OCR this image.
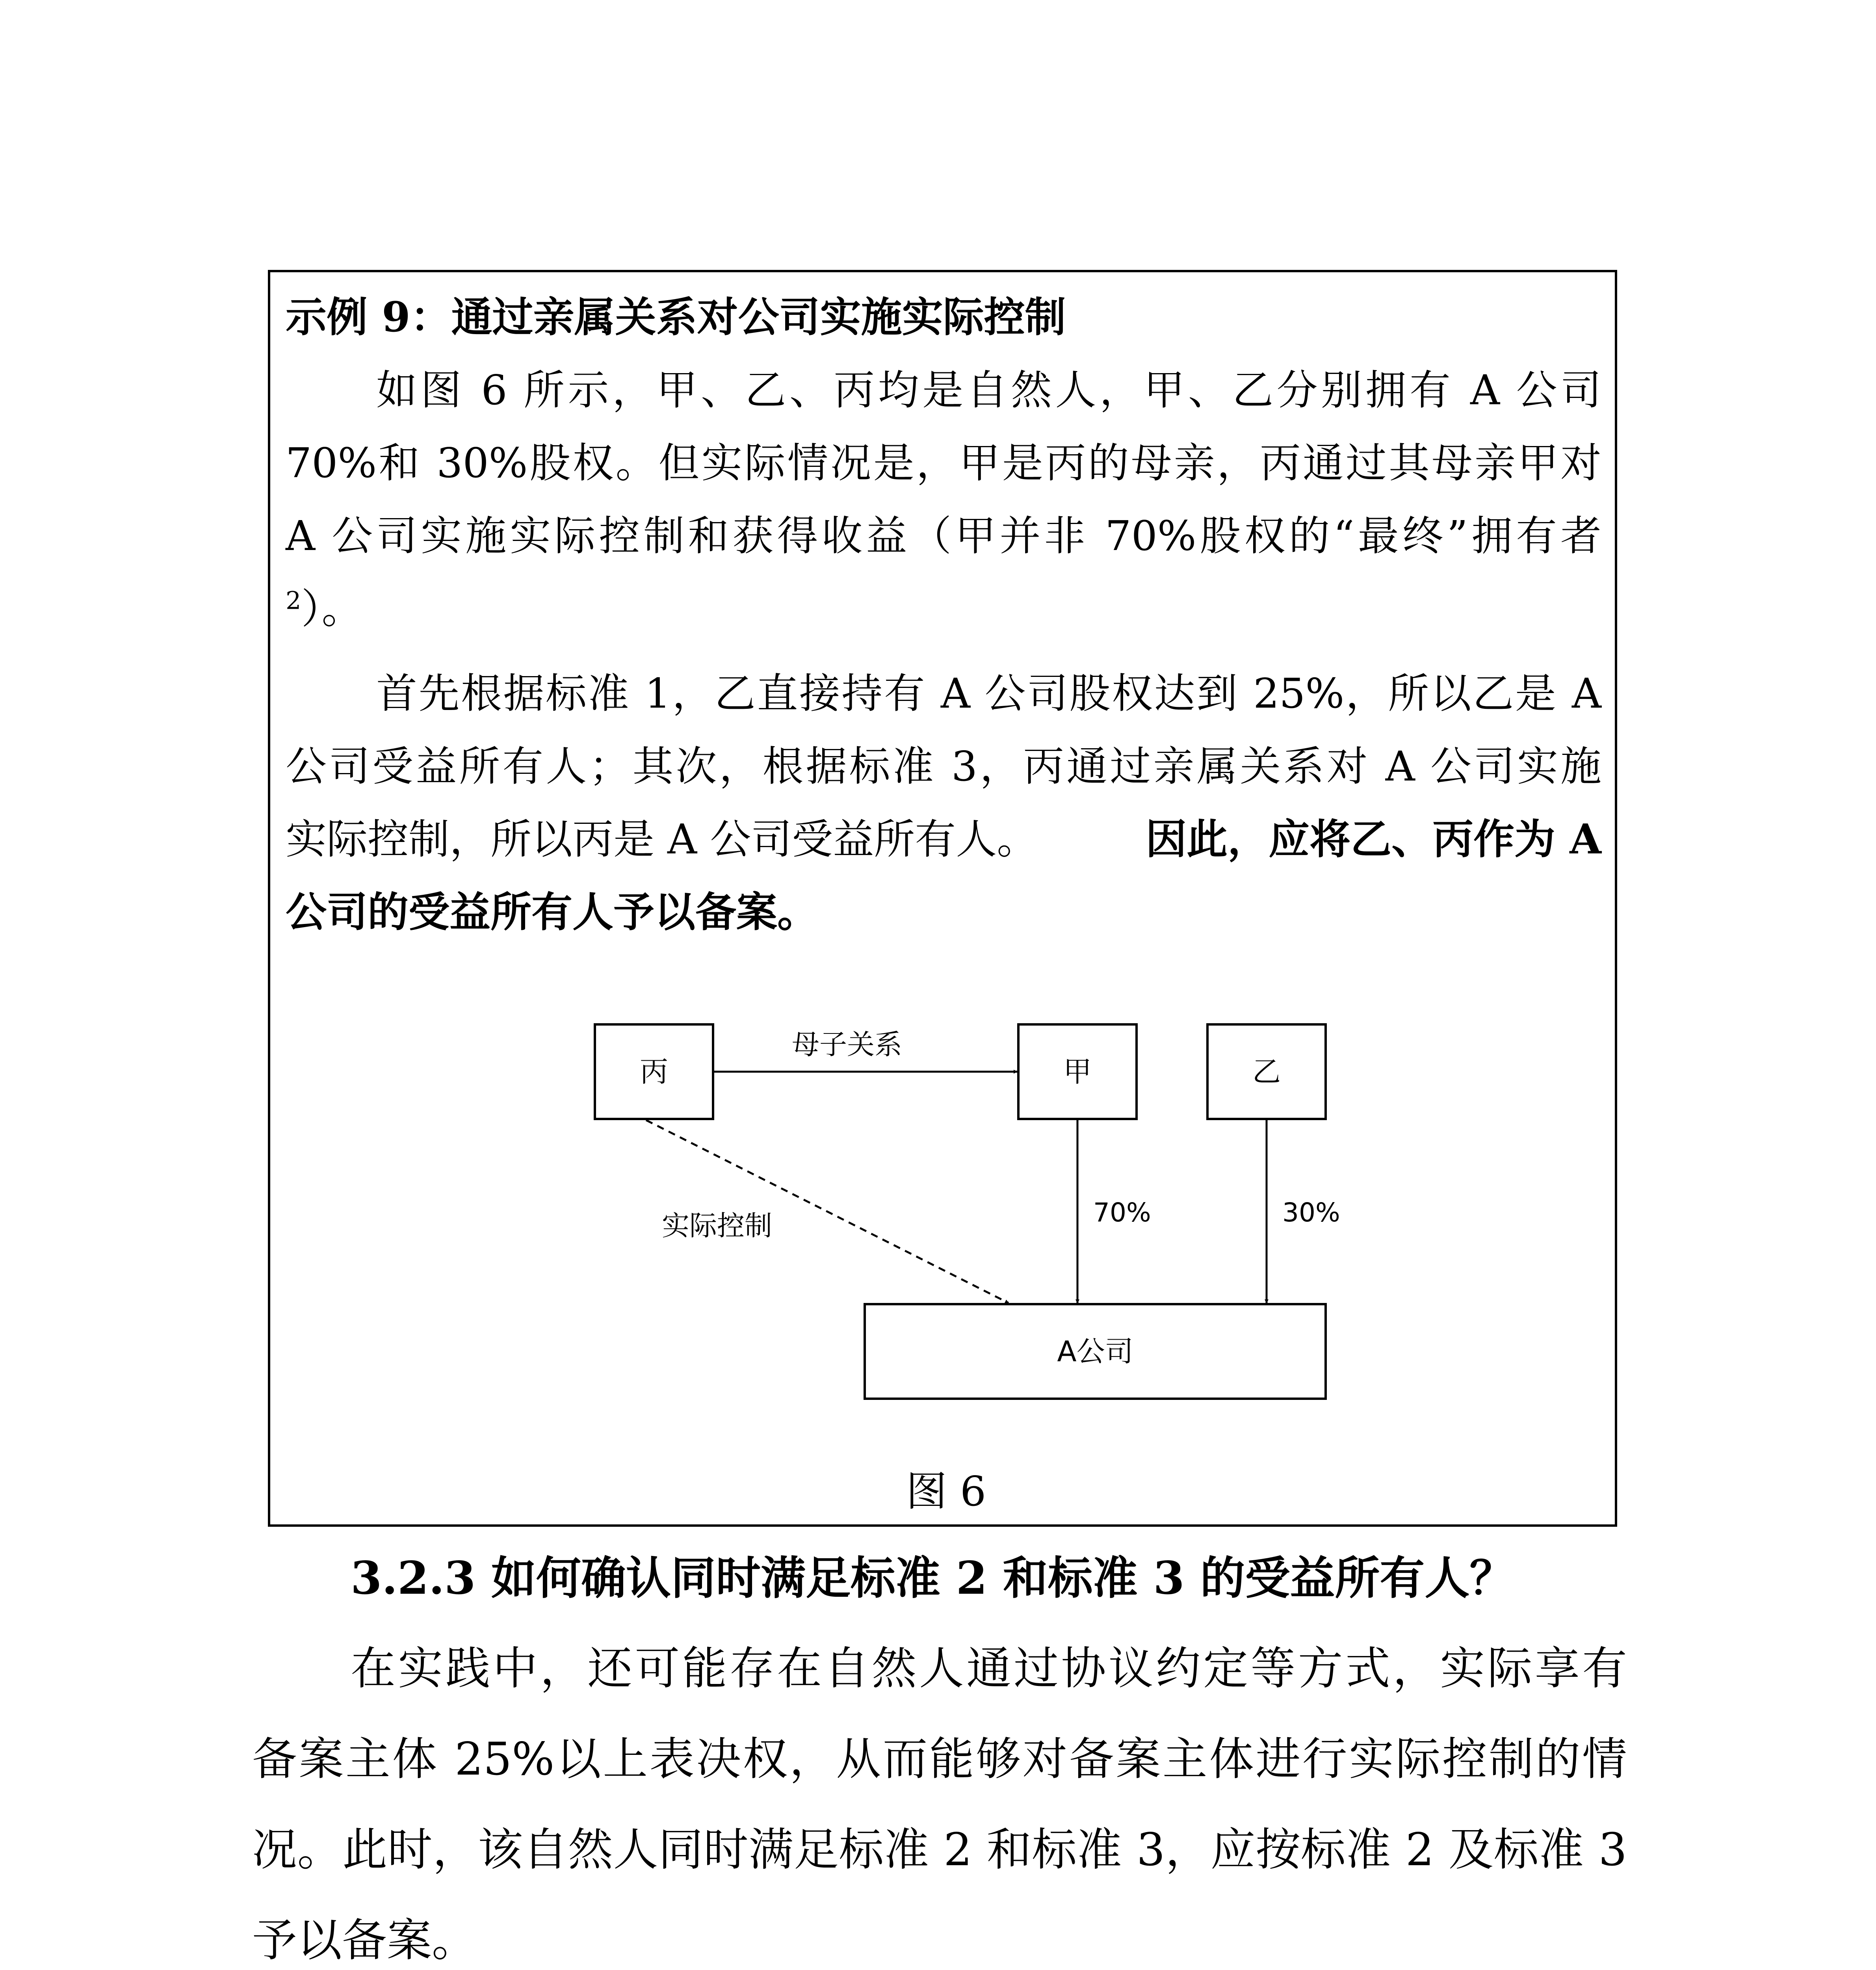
示例 9：通过亲属关系对公司实施实际控制
如图 6 所示，甲、乙、丙均是自然人，甲、乙分别拥有 A 公司
70%和 30%股权。但实际情况是，甲是丙的母亲，丙通过其母亲甲对
A 公司实施实际控制和获得收益（甲并非 70%股权的“最终”拥有者
$^2$）。
首先根据标准 1，乙直接持有 A 公司股权达到 25%，所以乙是 A
公司受益所有人；其次，根据标准 3，丙通过亲属关系对 A 公司实施
实际控制，所以丙是 A 公司受益所有人。	因此，应将乙、丙作为 A
公司的受益所有人予以备案。
丙	甲	乙
A公司
母子关系
70%	30%
实际控制
图 6
3.2.3 如何确认同时满足标准 2 和标准 3 的受益所有人？
在实践中，还可能存在自然人通过协议约定等方式，实际享有
备案主体 25%以上表决权，从而能够对备案主体进行实际控制的情
况。此时，该自然人同时满足标准 2 和标准 3，应按标准 2 及标准 3
予以备案。
